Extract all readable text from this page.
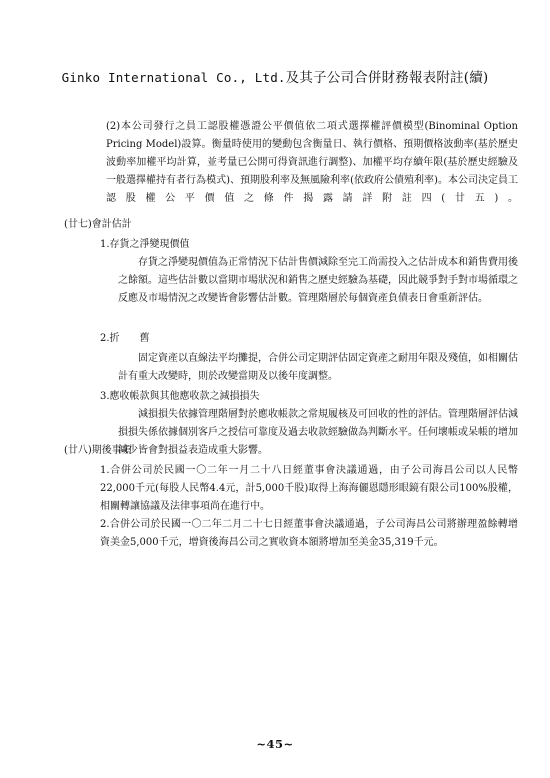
Ginko International Co., Ltd.及其子公司合併財務報表附註(續)
(2)本公司發行之員工認股權憑證公平價值依二項式選擇權評價模型(Binominal Option Pricing Model)設算。衡量時使用的變動包含衡量日、執行價格、預期價格波動率(基於歷史波動率加權平均計算，並考量已公開可得資訊進行調整)、加權平均存續年限(基於歷史經驗及一般選擇權持有者行為模式)、預期股利率及無風險利率(依政府公債殖利率)。本公司決定員工認股權公平價值之條件揭露請詳附註四(廿五)。
(廿七)會計估計
1.存貨之淨變現價值
存貨之淨變現價值為正常情況下估計售價減除至完工尚需投入之估計成本和銷售費用後之餘額。這些估計數以當期市場狀況和銷售之歷史經驗為基礎，因此競爭對手對市場循環之反應及市場情況之改變皆會影響估計數。管理階層於每個資產負債表日會重新評估。
2.折　　舊
固定資產以直線法平均攤提，合併公司定期評估固定資產之耐用年限及殘值，如相關估計有重大改變時，則於改變當期及以後年度調整。
3.應收帳款與其他應收款之減損損失
減損損失依據管理階層對於應收帳款之常規履核及可回收的性的評估。管理階層評估減損損失係依據個別客戶之授信可靠度及過去收款經驗做為判斷水平。任何壞帳或呆帳的增加減少皆會對損益表造成重大影響。
(廿八)期後事項
1.合併公司於民國一〇二年一月二十八日經董事會決議通過，由子公司海昌公司以人民幣22,000千元(每股人民幣4.4元，計5,000千股)取得上海海儷恩隱形眼鏡有限公司100%股權，相關轉讓協議及法律事項尚在進行中。
2.合併公司於民國一〇二年二月二十七日經董事會決議通過，子公司海昌公司將辦理盈餘轉增資美金5,000千元，增資後海昌公司之實收資本額將增加至美金35,319千元。
~45~
